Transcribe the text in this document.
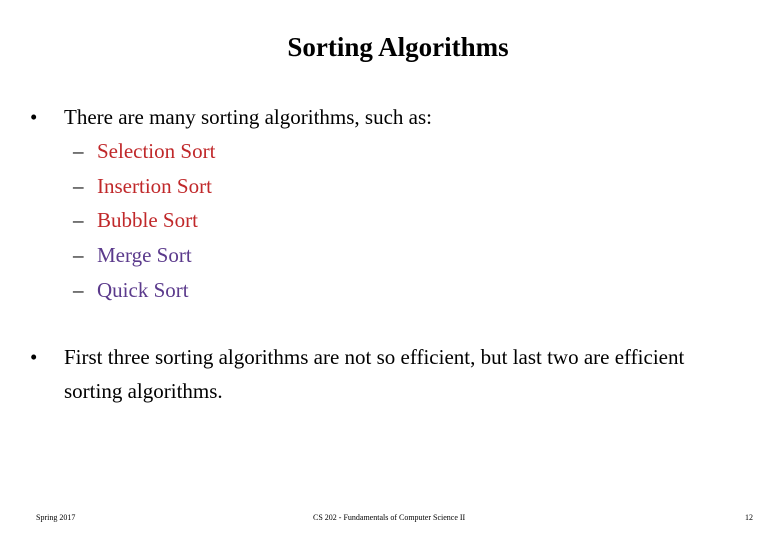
Sorting Algorithms
•	There are many sorting algorithms, such as:
– Selection Sort
– Insertion Sort
– Bubble Sort
– Merge Sort
– Quick Sort
•	First three sorting algorithms are not so efficient, but last two are efficient sorting algorithms.
Spring 2017	CS 202 - Fundamentals of Computer Science II	12
